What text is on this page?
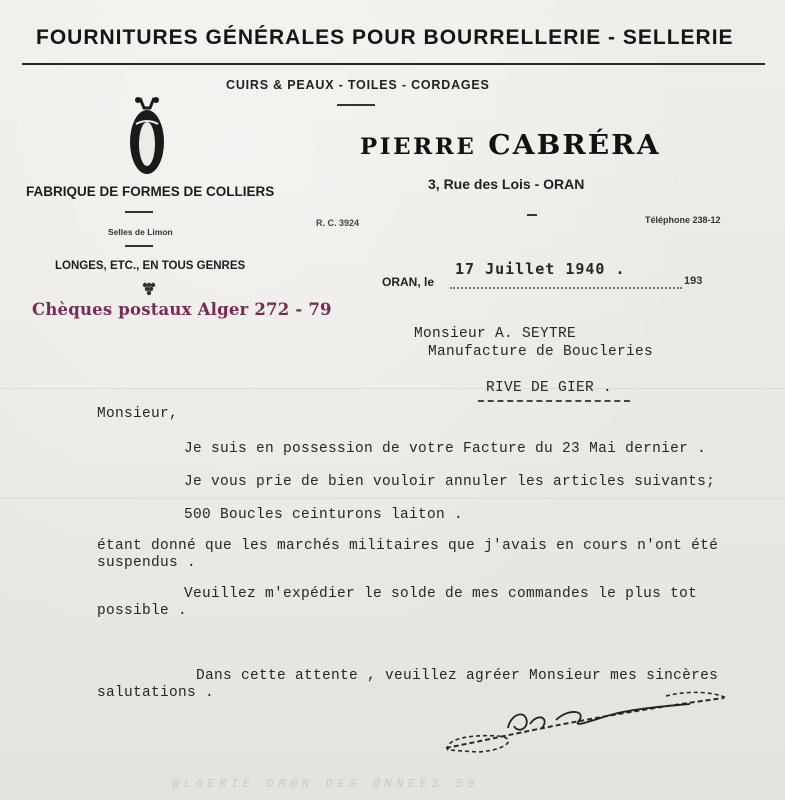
FOURNITURES GÉNÉRALES POUR BOURRELLERIE - SELLERIE
CUIRS & PEAUX - TOILES - CORDAGES
PIERRE CABRÉRA
3, Rue des Lois - ORAN
FABRIQUE DE FORMES DE COLLIERS
Selles de Limon
LONGES, ETC., EN TOUS GENRES
Chèques postaux Alger 272 - 79
R. C. 3924	Téléphone 238-12
ORAN, le
17 Juillet 1940 .
193
Monsieur A. SEYTRE
Manufacture de Boucleries
RIVE DE GIER .
Monsieur,
Je suis en possession de votre Facture du 23 Mai dernier .
Je vous prie de bien vouloir annuler les articles suivants;
500 Boucles ceinturons laiton .
étant donné que les marchés militaires que j'avais en cours n'ont été
suspendus .
Veuillez m'expédier le solde de mes commandes le plus tot
possible .
Dans cette attente , veuillez agréer Monsieur mes sincères
salutations .
@LGERIE OR@N DES @NNEES 50
